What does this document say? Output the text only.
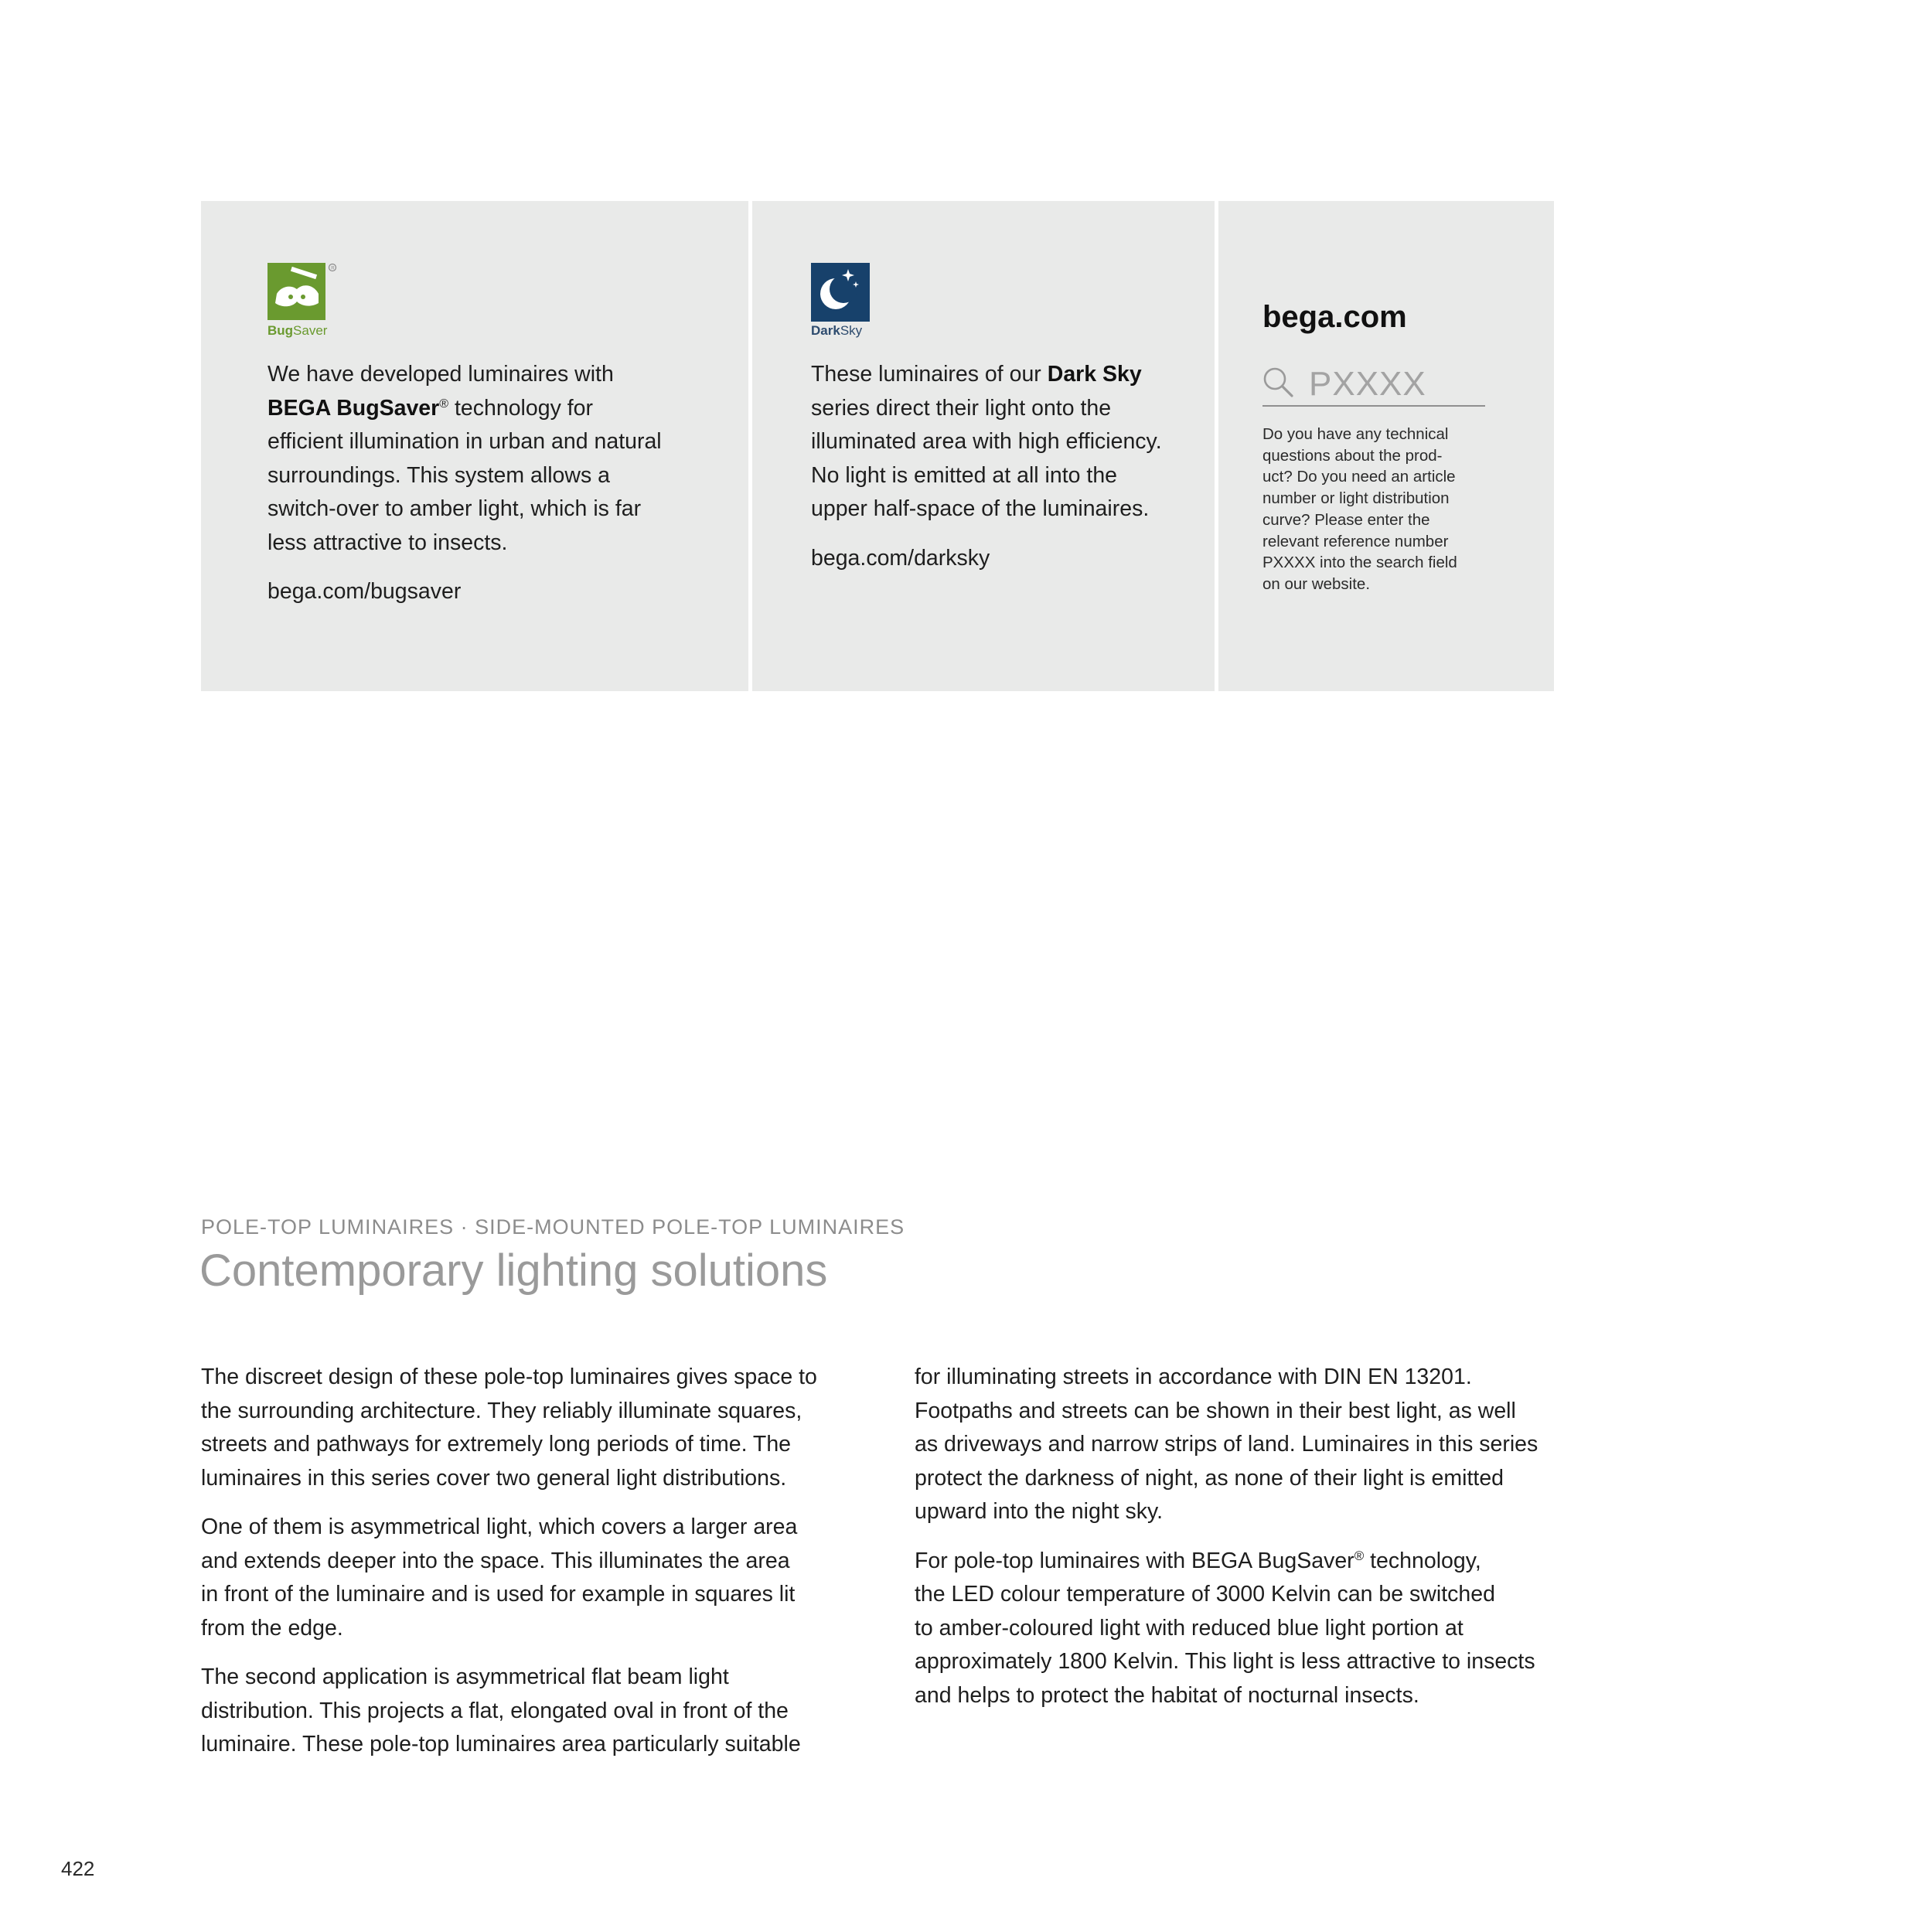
R
BugSaver

We have developed luminaires with
BEGA BugSaver® technology for
efficient illumination in urban and natural
surroundings. This system allows a
switch-over to amber light, which is far
less attractive to insects.

bega.com/bugsaver

DarkSky

These luminaires of our Dark Sky
series direct their light onto the
illuminated area with high efficiency.
No light is emitted at all into the
upper half-space of the luminaires.

bega.com/darksky

bega.com
PXXXX
Do you have any technical
questions about the prod-
uct? Do you need an article
number or light distribution
curve? Please enter the
relevant reference number
PXXXX into the search field
on our website.
POLE-TOP LUMINAIRES · SIDE-MOUNTED POLE-TOP LUMINAIRES
Contemporary lighting solutions

The discreet design of these pole-top luminaires gives space to
the surrounding architecture. They reliably illuminate squares,
streets and pathways for extremely long periods of time. The
luminaires in this series cover two general light distributions.

One of them is asymmetrical light, which covers a larger area
and extends deeper into the space. This illuminates the area
in front of the luminaire and is used for example in squares lit
from the edge.

The second application is asymmetrical flat beam light
distribution. This projects a flat, elongated oval in front of the
luminaire. These pole-top luminaires area particularly suitable

for illuminating streets in accordance with DIN EN 13201.
Footpaths and streets can be shown in their best light, as well
as driveways and narrow strips of land. Luminaires in this series
protect the darkness of night, as none of their light is emitted
upward into the night sky.

For pole-top luminaires with BEGA BugSaver® technology,
the LED colour temperature of 3000 Kelvin can be switched
to amber-coloured light with reduced blue light portion at
approximately 1800 Kelvin. This light is less attractive to insects
and helps to protect the habitat of nocturnal insects.

422
